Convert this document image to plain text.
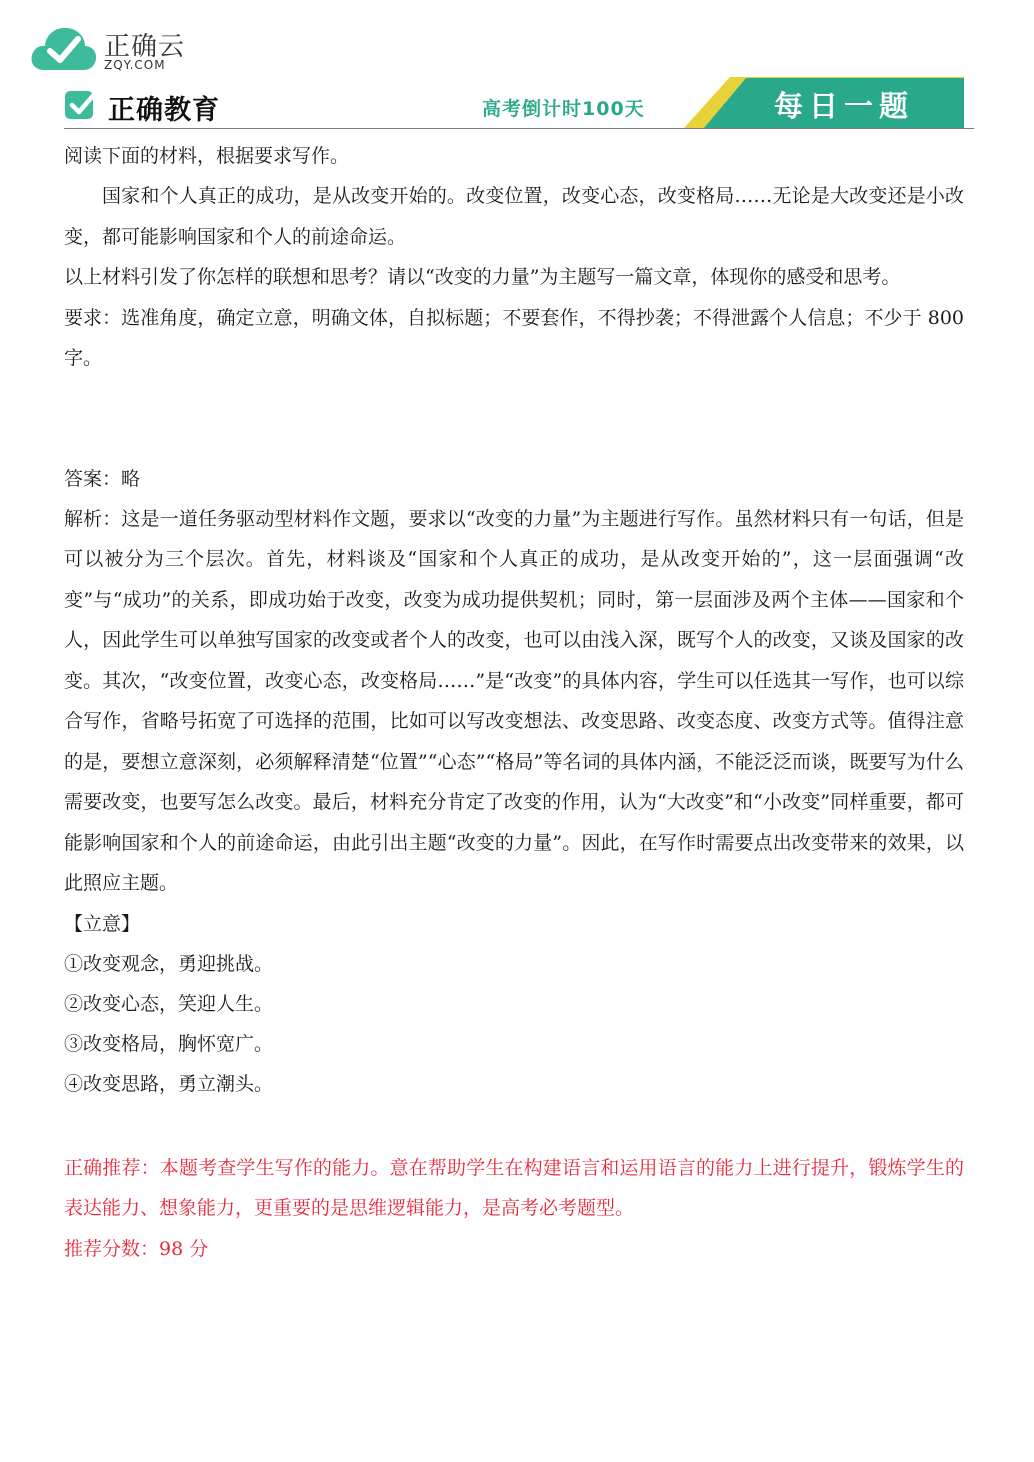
正确云
ZQY.COM
正确教育	高考倒计时100天	每日一题
阅读下面的材料，根据要求写作。

国家和个人真正的成功，是从改变开始的。改变位置，改变心态，改变格局……无论是大改变还是小改变，都可能影响国家和个人的前途命运。

以上材料引发了你怎样的联想和思考？请以“改变的力量”为主题写一篇文章，体现你的感受和思考。

要求：选准角度，确定立意，明确文体，自拟标题；不要套作，不得抄袭；不得泄露个人信息；不少于 800 字。

答案：略

解析：这是一道任务驱动型材料作文题，要求以“改变的力量”为主题进行写作。虽然材料只有一句话，但是可以被分为三个层次。首先，材料谈及“国家和个人真正的成功，是从改变开始的”，这一层面强调“改变”与“成功”的关系，即成功始于改变，改变为成功提供契机；同时，第一层面涉及两个主体——国家和个人，因此学生可以单独写国家的改变或者个人的改变，也可以由浅入深，既写个人的改变，又谈及国家的改变。其次，“改变位置，改变心态，改变格局……”是“改变”的具体内容，学生可以任选其一写作，也可以综合写作，省略号拓宽了可选择的范围，比如可以写改变想法、改变思路、改变态度、改变方式等。值得注意的是，要想立意深刻，必须解释清楚“位置”“心态”“格局”等名词的具体内涵，不能泛泛而谈，既要写为什么需要改变，也要写怎么改变。最后，材料充分肯定了改变的作用，认为“大改变”和“小改变”同样重要，都可能影响国家和个人的前途命运，由此引出主题“改变的力量”。因此，在写作时需要点出改变带来的效果，以此照应主题。

【立意】
①改变观念，勇迎挑战。
②改变心态，笑迎人生。
③改变格局，胸怀宽广。
④改变思路，勇立潮头。

正确推荐：本题考查学生写作的能力。意在帮助学生在构建语言和运用语言的能力上进行提升，锻炼学生的表达能力、想象能力，更重要的是思维逻辑能力，是高考必考题型。

推荐分数：98 分
